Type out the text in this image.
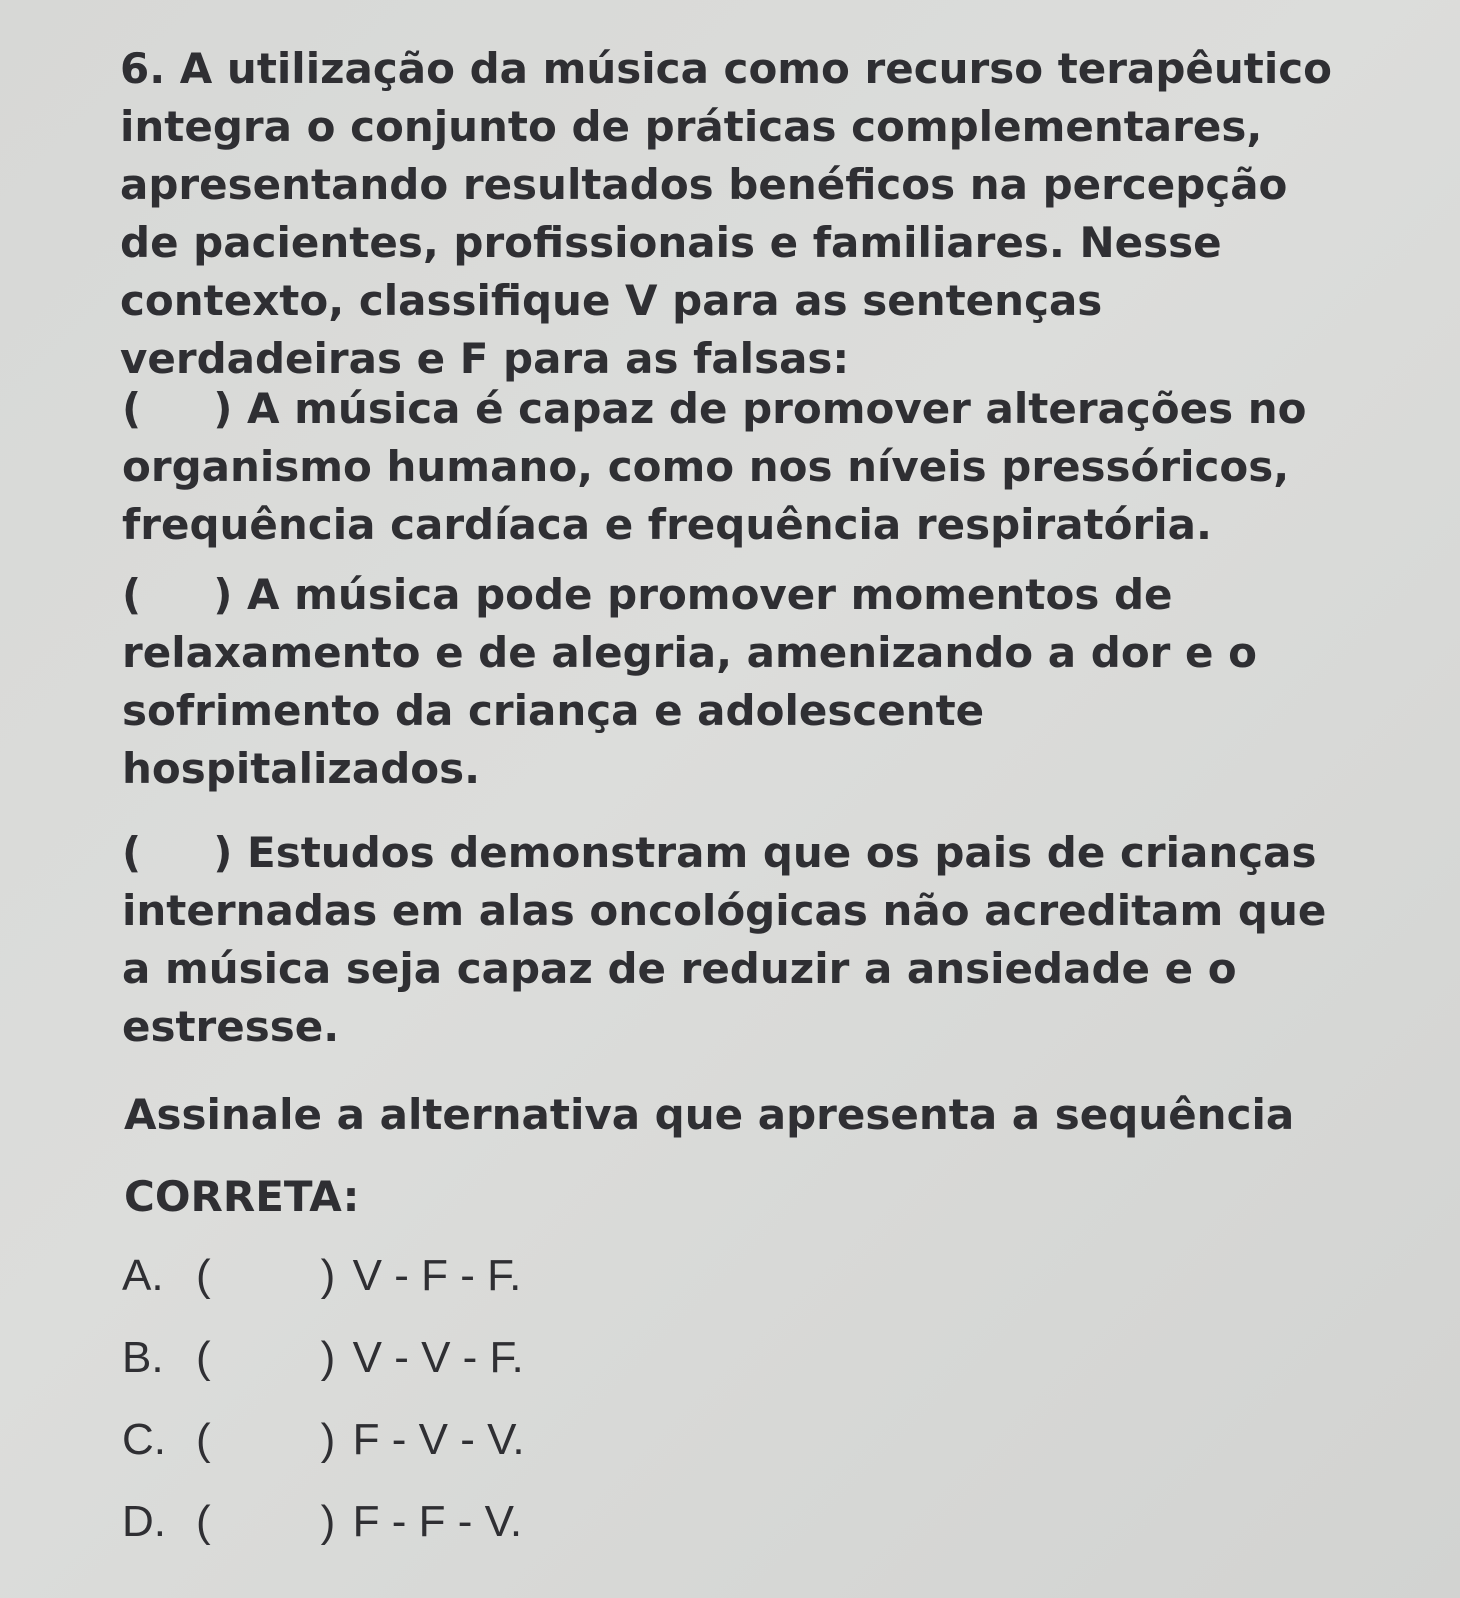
6. A utilização da música como recurso terapêutico
integra o conjunto de práticas complementares,
apresentando resultados benéficos na percepção
de pacientes, profissionais e familiares. Nesse
contexto, classifique V para as sentenças
verdadeiras e F para as falsas:
( ) A música é capaz de promover alterações no
organismo humano, como nos níveis pressóricos,
frequência cardíaca e frequência respiratória.
( ) A música pode promover momentos de
relaxamento e de alegria, amenizando a dor e o
sofrimento da criança e adolescente
hospitalizados.
( ) Estudos demonstram que os pais de crianças
internadas em alas oncológicas não acreditam que
a música seja capaz de reduzir a ansiedade e o
estresse.
Assinale a alternativa que apresenta a sequência
CORRETA:
A. (	) V - F - F.
B. (	) V - V - F.
C. (	) F - V - V.
D. (	) F - F - V.
